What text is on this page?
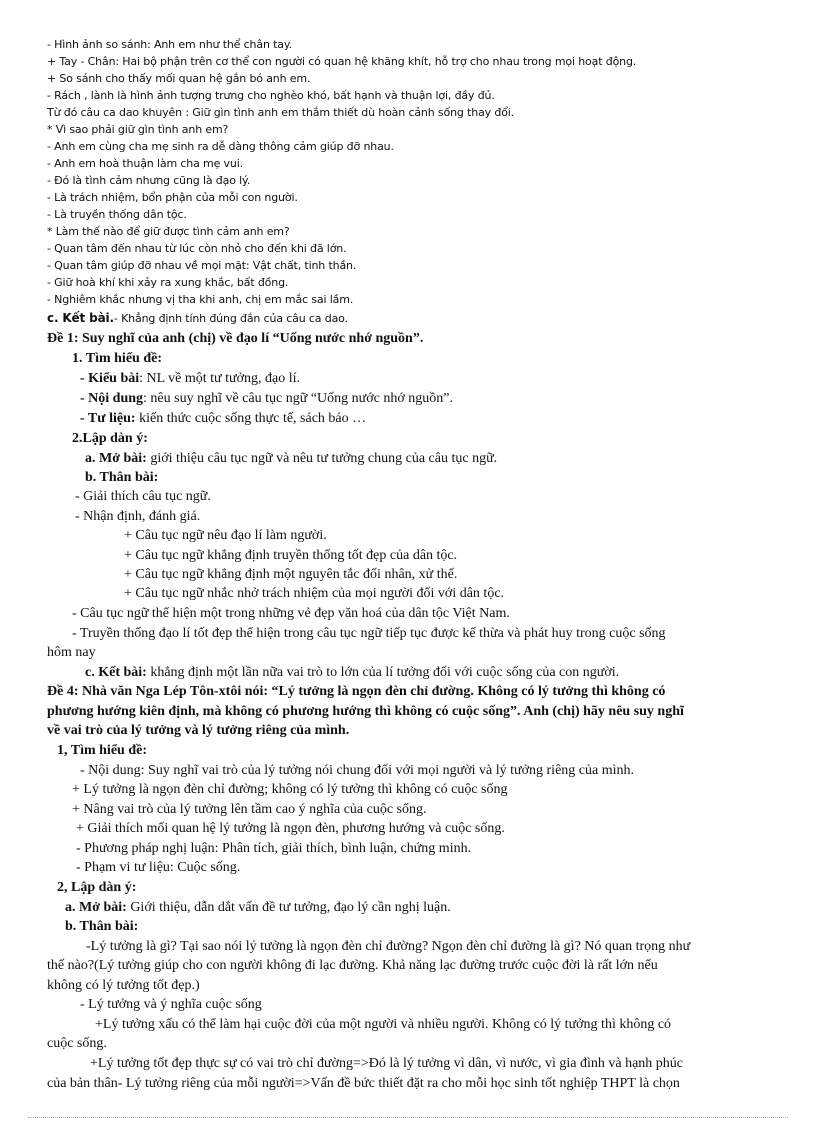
- Hình ảnh so sánh: Anh em như thể chân tay.
+ Tay - Chân: Hai bộ phận trên cơ thể con người có quan hệ khăng khít, hỗ trợ cho nhau trong mọi hoạt động.
+ So sánh cho thấy mối quan hệ gắn bó anh em.
- Rách , lành là hình ảnh tượng trưng cho nghèo khó, bất hạnh và thuận lợi, đầy đủ.
Từ đó câu ca dao khuyên : Giữ gìn tình anh em thắm thiết dù hoàn cảnh sống thay đổi.
* Vì sao phải giữ gìn tình anh em?
- Anh em cùng cha mẹ sinh ra dễ dàng thông cảm giúp đỡ nhau.
- Anh em hoà thuận làm cha mẹ vui.
- Đó là tình cảm nhưng cũng là đạo lý.
- Là trách nhiệm, bổn phận của mỗi con người.
- Là truyền thống dân tộc.
* Làm thế nào để giữ được tình cảm anh em?
- Quan tâm đến nhau từ lúc còn nhỏ cho đến khi đã lớn.
- Quan tâm giúp đỡ nhau về mọi mặt: Vật chất, tinh thần.
- Giữ hoà khí khi xảy ra xung khắc, bất đồng.
- Nghiêm khắc nhưng vị tha khi anh, chị em mắc sai lầm.
c. Kết bài.- Khẳng định tính đúng đắn của câu ca dao.
Đề 1: Suy nghĩ của anh (chị) về đạo lí “Uống nước nhớ nguồn”.
1. Tìm hiểu đề:
- Kiểu bài: NL về một tư tưởng, đạo lí.
- Nội dung: nêu suy nghĩ về câu tục ngữ “Uống nước nhớ nguồn”.
- Tư liệu: kiến thức cuộc sống thực tế, sách báo …
2.Lập dàn ý:
a. Mở bài: giới thiệu câu tục ngữ và nêu tư tưởng chung của câu tục ngữ.
b. Thân bài:
- Giải thích câu tục ngữ.
- Nhận định, đánh giá.
+ Câu tục ngữ nêu đạo lí làm người.
+ Câu tục ngữ khẳng định truyền thống tốt đẹp của dân tộc.
+ Câu tục ngữ khẳng định một nguyên tắc đối nhân, xử thế.
+ Câu tục ngữ nhắc nhở trách nhiệm của mọi người đối với dân tộc.
- Câu tục ngữ thể hiện một trong những vẻ đẹp văn hoá của dân tộc Việt Nam.
- Truyền thống đạo lí tốt đẹp thể hiện trong câu tục ngữ tiếp tục được kế thừa và phát huy trong cuộc sống
hôm nay
c. Kết bài: khẳng định một lần nữa vai trò to lớn của lí tưởng đối với cuộc sống của con người.
Đề 4: Nhà văn Nga Lép Tôn-xtôi nói: “Lý tưởng là ngọn đèn chỉ đường. Không có lý tưởng thì không có
phương hướng kiên định, mà không có phương hướng thì không có cuộc sống”. Anh (chị) hãy nêu suy nghĩ
về vai trò của lý tưởng và lý tưởng riêng của mình.
1, Tìm hiểu đề:
- Nội dung: Suy nghĩ vai trò của lý tưởng nói chung đối với mọi người và lý tưởng riêng của mình.
+ Lý tưởng là ngọn đèn chỉ đường; không có lý tưởng thì không có cuộc sống
+ Nâng vai trò của lý tưởng lên tầm cao ý nghĩa của cuộc sống.
+ Giải thích mối quan hệ lý tưởng là ngọn đèn, phương hướng và cuộc sống.
- Phương pháp nghị luận: Phân tích, giải thích, bình luận, chứng minh.
- Phạm vi tư liệu: Cuộc sống.
2, Lập dàn ý:
a. Mở bài: Giới thiệu, dẫn dắt vấn đề tư tưởng, đạo lý cần nghị luận.
b. Thân bài:
-Lý tưởng là gì? Tại sao nói lý tưởng là ngọn đèn chỉ đường? Ngọn đèn chỉ đường là gì? Nó quan trọng như
thế nào?(Lý tưởng giúp cho con người không đi lạc đường. Khả năng lạc đường trước cuộc đời là rất lớn nếu
không có lý tưởng tốt đẹp.)
- Lý tưởng và ý nghĩa cuộc sống
+Lý tưởng xấu có thể làm hại cuộc đời của một người và nhiều người. Không có lý tưởng thì không có
cuộc sống.
+Lý tưởng tốt đẹp thực sự có vai trò chỉ đường=>Đó là lý tưởng vì dân, vì nước, vì gia đình và hạnh phúc
của bản thân- Lý tưởng riêng của mỗi người=>Vấn đề bức thiết đặt ra cho mỗi học sinh tốt nghiệp THPT là chọn
